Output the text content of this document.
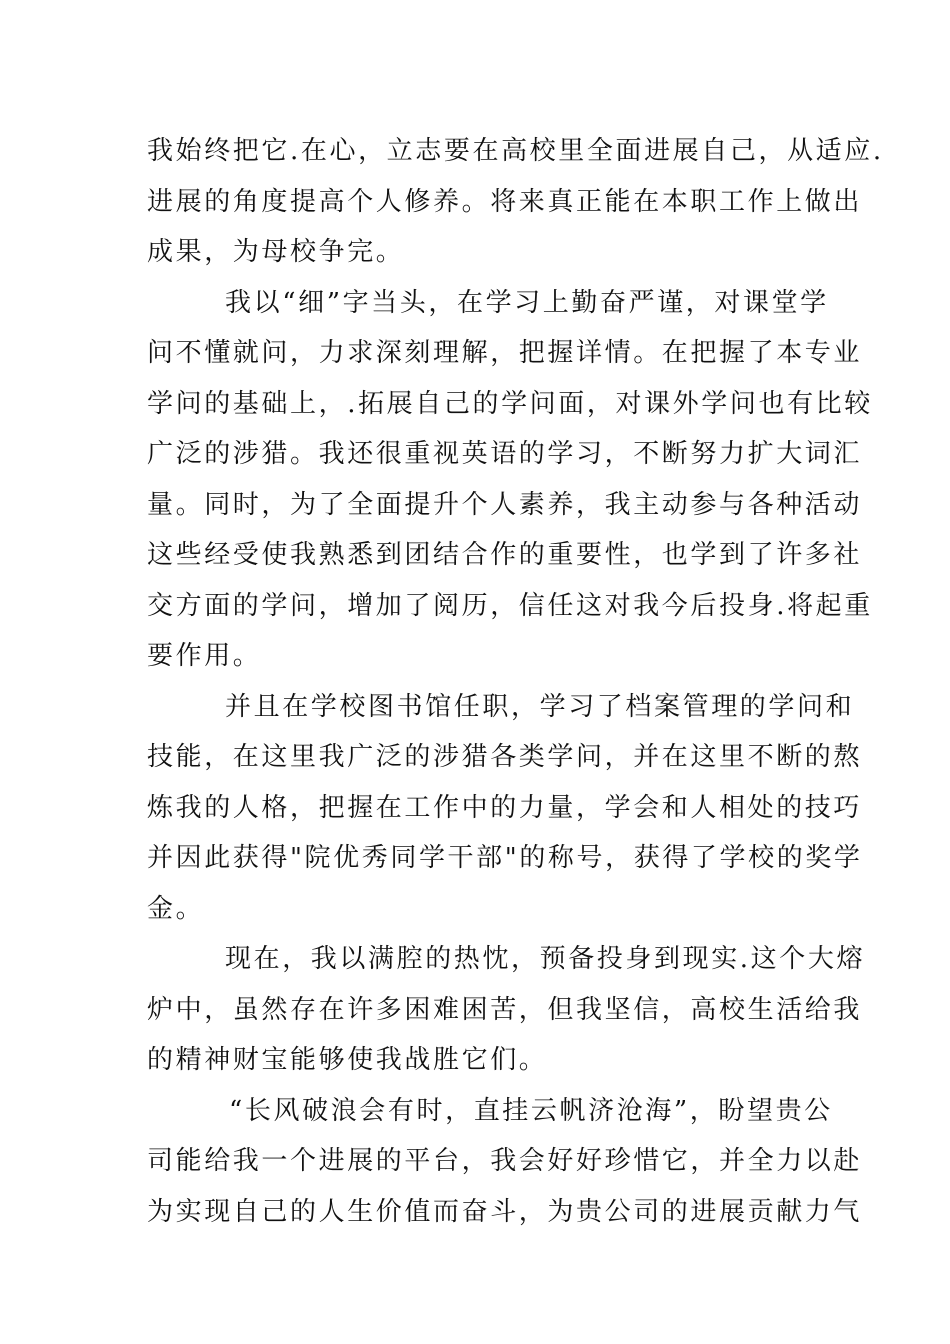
我始终把它.在心，立志要在高校里全面进展自己，从适应.
进展的角度提高个人修养。将来真正能在本职工作上做出
成果，为母校争完。
我以“细”字当头，在学习上勤奋严谨，对课堂学
问不懂就问，力求深刻理解，把握详情。在把握了本专业
学问的基础上，.拓展自己的学问面，对课外学问也有比较
广泛的涉猎。我还很重视英语的学习，不断努力扩大词汇
量。同时，为了全面提升个人素养，我主动参与各种活动
这些经受使我熟悉到团结合作的重要性，也学到了许多社
交方面的学问，增加了阅历，信任这对我今后投身.将起重
要作用。
并且在学校图书馆任职，学习了档案管理的学问和
技能，在这里我广泛的涉猎各类学问，并在这里不断的熬
炼我的人格，把握在工作中的力量，学会和人相处的技巧
并因此获得"院优秀同学干部"的称号，获得了学校的奖学
金。
现在，我以满腔的热忱，预备投身到现实.这个大熔
炉中，虽然存在许多困难困苦，但我坚信，高校生活给我
的精神财宝能够使我战胜它们。
“长风破浪会有时，直挂云帆济沧海”，盼望贵公
司能给我一个进展的平台，我会好好珍惜它，并全力以赴
为实现自己的人生价值而奋斗，为贵公司的进展贡献力气
